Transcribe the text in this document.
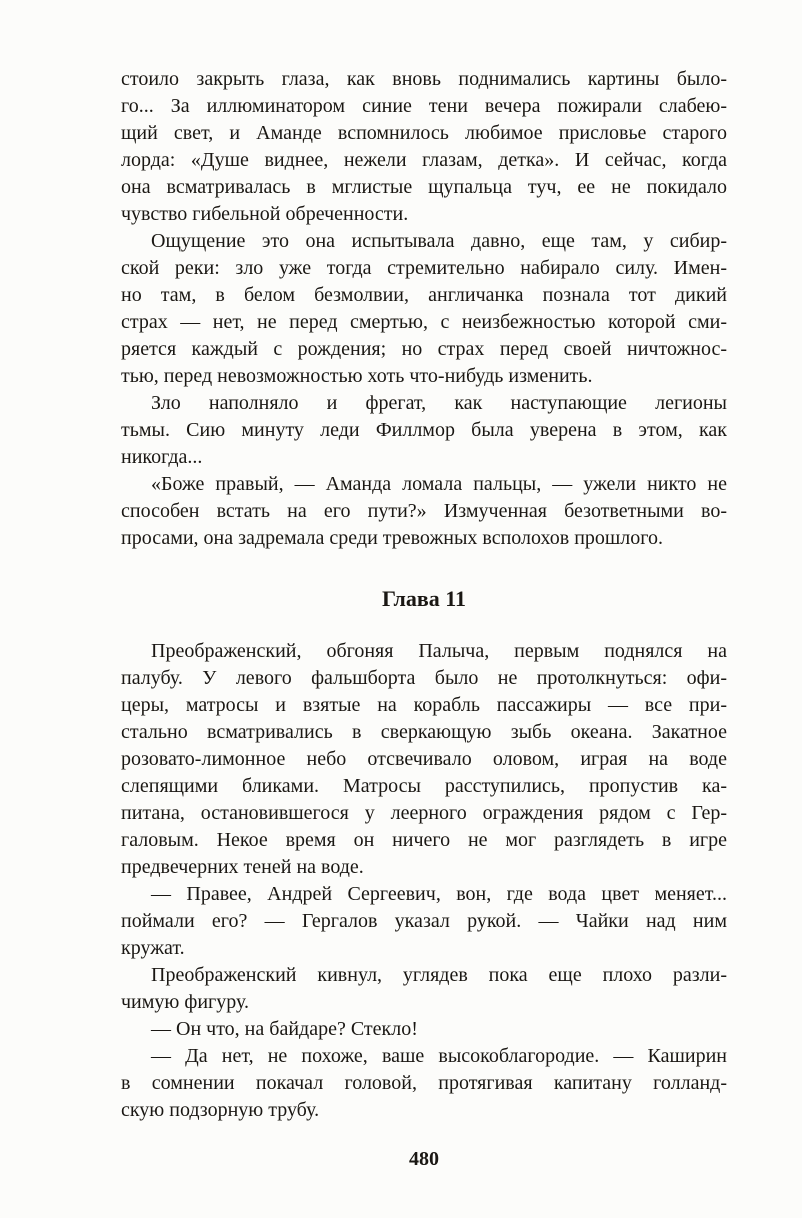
стоило закрыть глаза, как вновь поднимались картины было-
го... За иллюминатором синие тени вечера пожирали слабею-
щий свет, и Аманде вспомнилось любимое присловье старого
лорда: «Душе виднее, нежели глазам, детка». И сейчас, когда
она всматривалась в мглистые щупальца туч, ее не покидало
чувство гибельной обреченности.
Ощущение это она испытывала давно, еще там, у сибир-
ской реки: зло уже тогда стремительно набирало силу. Имен-
но там, в белом безмолвии, англичанка познала тот дикий
страх — нет, не перед смертью, с неизбежностью которой сми-
ряется каждый с рождения; но страх перед своей ничтожнос-
тью, перед невозможностью хоть что-нибудь изменить.
Зло наполняло и фрегат, как наступающие легионы
тьмы. Сию минуту леди Филлмор была уверена в этом, как
никогда...
«Боже правый, — Аманда ломала пальцы, — ужели никто не
способен встать на его пути?» Измученная безответными во-
просами, она задремала среди тревожных всполохов прошлого.
Глава 11
Преображенский, обгоняя Палыча, первым поднялся на
палубу. У левого фальшборта было не протолкнуться: офи-
церы, матросы и взятые на корабль пассажиры — все при-
стально всматривались в сверкающую зыбь океана. Закатное
розовато-лимонное небо отсвечивало оловом, играя на воде
слепящими бликами. Матросы расступились, пропустив ка-
питана, остановившегося у леерного ограждения рядом с Гер-
галовым. Некое время он ничего не мог разглядеть в игре
предвечерних теней на воде.
— Правее, Андрей Сергеевич, вон, где вода цвет меняет...
поймали его? — Гергалов указал рукой. — Чайки над ним
кружат.
Преображенский кивнул, углядев пока еще плохо разли-
чимую фигуру.
— Он что, на байдаре? Стекло!
— Да нет, не похоже, ваше высокоблагородие. — Каширин
в сомнении покачал головой, протягивая капитану голланд-
скую подзорную трубу.
480
